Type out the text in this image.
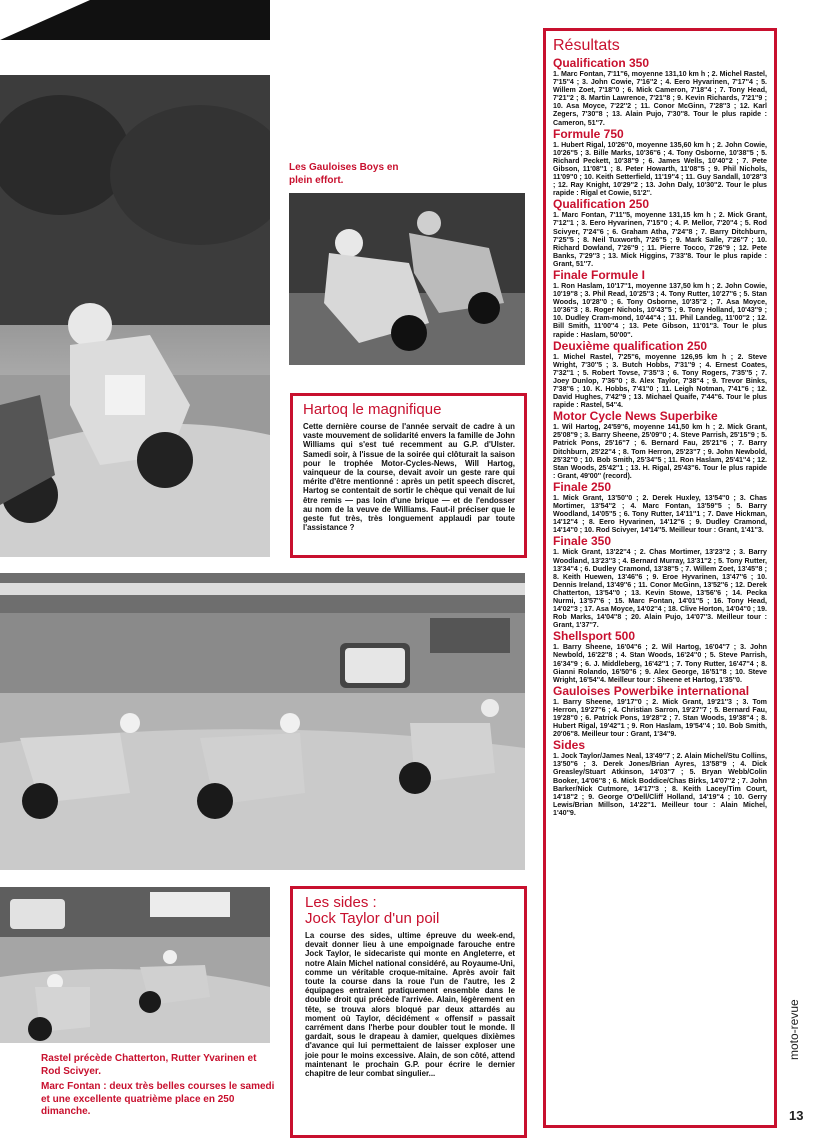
Les Gauloises Boys en plein effort.
Hartoq le magnifique
Cette dernière course de l'année servait de cadre à un vaste mouvement de solidarité envers la famille de John Williams qui s'est tué recemment au G.P. d'Ulster. Samedi soir, à l'issue de la soirée qui clôturait la saison pour le trophée Motor-Cycles-News, Will Hartog, vainqueur de la course, devait avoir un geste rare qui mérite d'être mentionné : après un petit speech discret, Hartog se contentait de sortir le chèque qui venait de lui être remis — pas loin d'une brique — et de l'endosser au nom de la veuve de Williams. Faut-il préciser que le geste fut très, très longuement applaudi par toute l'assistance ?
Rastel précède Chatterton, Rutter Yvarinen et Rod Scivyer.
Marc Fontan : deux très belles courses le samedi et une excellente quatrième place en 250 dimanche.
Les sides :
Jock Taylor d'un poil
La course des sides, ultime épreuve du week-end, devait donner lieu à une empoignade farouche entre Jock Taylor, le sidecariste qui monte en Angleterre, et notre Alain Michel national considéré, au Royaume-Uni, comme un véritable croque-mitaine. Après avoir fait toute la course dans la roue l'un de l'autre, les 2 équipages entraient pratiquement ensemble dans le double droit qui précède l'arrivée. Alain, légèrement en tête, se trouva alors bloqué par deux attardés au moment où Taylor, décidément « offensif » passait carrément dans l'herbe pour doubler tout le monde. Il gardait, sous le drapeau à damier, quelques dixièmes d'avance qui lui permettaient de laisser exploser une joie pour le moins excessive. Alain, de son côté, attend maintenant le prochain G.P. pour écrire le dernier chapitre de leur combat singulier...
Résultats
Qualification 350
1. Marc Fontan, 7'11''6, moyenne 131,10 km h ; 2. Michel Rastel, 7'15''4 ; 3. John Cowie, 7'16''2 ; 4. Eero Hyvarinen, 7'17''4 ; 5. Willem Zoet, 7'18''0 ; 6. Mick Cameron, 7'18''4 ; 7. Tony Head, 7'21''2 ; 8. Martin Lawrence, 7'21''8 ; 9. Kevin Richards, 7'21''9 ; 10. Asa Moyce, 7'22''2 ; 11. Conor McGinn, 7'28''3 ; 12. Karl Zegers, 7'30''8 ; 13. Alain Pujo, 7'30''8. Tour le plus rapide : Cameron, 51''7.
Formule 750
1. Hubert Rigal, 10'26''0, moyenne 135,60 km h ; 2. John Cowie, 10'26''5 ; 3. Bille Marks, 10'36''6 ; 4. Tony Osborne, 10'38''5 ; 5. Richard Peckett, 10'38''9 ; 6. James Wells, 10'40''2 ; 7. Pete Gibson, 11'08''1 ; 8. Peter Howarth, 11'08''5 ; 9. Phil Nichols, 11'09''0 ; 10. Keith Setterfield, 11'19''4 ; 11. Guy Sandall, 10'28''3 ; 12. Ray Knight, 10'29''2 ; 13. John Daly, 10'30''2. Tour le plus rapide : Rigal et Cowie, 51'2''.
Qualification 250
1. Marc Fontan, 7'11''5, moyenne 131,15 km h ; 2. Mick Grant, 7'12''1 ; 3. Eero Hyvarinen, 7'15''0 ; 4. P. Mellor, 7'20''4 ; 5. Rod Scivyer, 7'24''6 ; 6. Graham Atha, 7'24''8 ; 7. Barry Ditchburn, 7'25''5 ; 8. Neil Tuxworth, 7'26''5 ; 9. Mark Salle, 7'26''7 ; 10. Richard Dowland, 7'26''9 ; 11. Pierre Tocco, 7'26''9 ; 12. Pete Banks, 7'29''3 ; 13. Mick Higgins, 7'33''8. Tour le plus rapide : Grant, 51''7.
Finale Formule I
1. Ron Haslam, 10'17''1, moyenne 137,50 km h ; 2. John Cowie, 10'19''8 ; 3. Phil Read, 10'25''3 ; 4. Tony Rutter, 10'27''6 ; 5. Stan Woods, 10'28''0 ; 6. Tony Osborne, 10'35''2 ; 7. Asa Moyce, 10'36''3 ; 8. Roger Nichols, 10'43''5 ; 9. Tony Holland, 10'43''9 ; 10. Dudley Cram-mond, 10'44''4 ; 11. Phil Landeg, 11'00''2 ; 12. Bill Smith, 11'00''4 ; 13. Pete Gibson, 11'01''3. Tour le plus rapide : Haslam, 50'00''.
Deuxième qualification 250
1. Michel Rastel, 7'25''6, moyenne 126,95 km h ; 2. Steve Wright, 7'30''5 ; 3. Butch Hobbs, 7'31''9 ; 4. Ernest Coates, 7'32''1 ; 5. Robert Tovse, 7'35''3 ; 6. Tony Rogers, 7'35''5 ; 7. Joey Dunlop, 7'36''0 ; 8. Alex Taylor, 7'38''4 ; 9. Trevor Binks, 7'38''6 ; 10. K. Hobbs, 7'41''0 ; 11. Leigh Notman, 7'41''6 ; 12. David Hughes, 7'42''9 ; 13. Michael Quaife, 7'44''6. Tour le plus rapide : Rastel, 54''4.
Motor Cycle News Superbike
1. Wil Hartog, 24'59''6, moyenne 141,50 km h ; 2. Mick Grant, 25'08''9 ; 3. Barry Sheene, 25'09''0 ; 4. Steve Parrish, 25'15''9 ; 5. Patrick Pons, 25'16''7 ; 6. Bernard Fau, 25'21''6 ; 7. Barry Ditchburn, 25'22''4 ; 8. Tom Herron, 25'23''7 ; 9. John Newbold, 25'32''0 ; 10. Bob Smith, 25'34''5 ; 11. Ron Haslam, 25'41''4 ; 12. Stan Woods, 25'42''1 ; 13. H. Rigal, 25'43''6. Tour le plus rapide : Grant, 49'00'' (record).
Finale 250
1. Mick Grant, 13'50''0 ; 2. Derek Huxley, 13'54''0 ; 3. Chas Mortimer, 13'54''2 ; 4. Marc Fontan, 13'59''5 ; 5. Barry Woodland, 14'05''5 ; 6. Tony Rutter, 14'11''1 ; 7. Dave Hickman, 14'12''4 ; 8. Eero Hyvarinen, 14'12''6 ; 9. Dudley Cramond, 14'14''0 ; 10. Rod Scivyer, 14'14''5. Meilleur tour : Grant, 1'41''3.
Finale 350
1. Mick Grant, 13'22''4 ; 2. Chas Mortimer, 13'23''2 ; 3. Barry Woodland, 13'23''3 ; 4. Bernard Murray, 13'31''2 ; 5. Tony Rutter, 13'34''4 ; 6. Dudley Cramond, 13'38''5 ; 7. Willem Zoet, 13'45''8 ; 8. Keith Huewen, 13'46''6 ; 9. Eroe Hyvarinen, 13'47''6 ; 10. Dennis Ireland, 13'49''6 ; 11. Conor McGinn, 13'52''6 ; 12. Derek Chatterton, 13'54''0 ; 13. Kevin Stowe, 13'56''6 ; 14. Pecka Nurmi, 13'57''6 ; 15. Marc Fontan, 14'01''5 ; 16. Tony Head, 14'02''3 ; 17. Asa Moyce, 14'02''4 ; 18. Clive Horton, 14'04''0 ; 19. Rob Marks, 14'04''8 ; 20. Alain Pujo, 14'07''3. Meilleur tour : Grant, 1'37''7.
Shellsport 500
1. Barry Sheene, 16'04''6 ; 2. Wil Hartog, 16'04''7 ; 3. John Newbold, 16'22''8 ; 4. Stan Woods, 16'24''0 ; 5. Steve Parrish, 16'34''9 ; 6. J. Middleberg, 16'42''1 ; 7. Tony Rutter, 16'47''4 ; 8. Gianni Rolando, 16'50''6 ; 9. Alex George, 16'51''8 ; 10. Steve Wright, 16'54''4. Meilleur tour : Sheene et Hartog, 1'35''0.
Gauloises Powerbike international
1. Barry Sheene, 19'17''0 ; 2. Mick Grant, 19'21''3 ; 3. Tom Herron, 19'27''6 ; 4. Christian Sarron, 19'27''7 ; 5. Bernard Fau, 19'28''0 ; 6. Patrick Pons, 19'28''2 ; 7. Stan Woods, 19'38''4 ; 8. Hubert Rigal, 19'42''1 ; 9. Ron Haslam, 19'54''4 ; 10. Bob Smith, 20'06''8. Meilleur tour : Grant, 1'34''9.
Sides
1. Jock Taylor/James Neal, 13'49''7 ; 2. Alain Michel/Stu Collins, 13'50''6 ; 3. Derek Jones/Brian Ayres, 13'58''9 ; 4. Dick Greasley/Stuart Atkinson, 14'03''7 ; 5. Bryan Webb/Colin Booker, 14'06''8 ; 6. Mick Boddice/Chas Birks, 14'07''2 ; 7. John Barker/Nick Cutmore, 14'17''3 ; 8. Keith Lacey/Tim Court, 14'18''2 ; 9. George O'Dell/Cliff Holland, 14'19''4 ; 10. Gerry Lewis/Brian Millson, 14'22''1. Meilleur tour : Alain Michel, 1'40''9.
moto-revue
13
